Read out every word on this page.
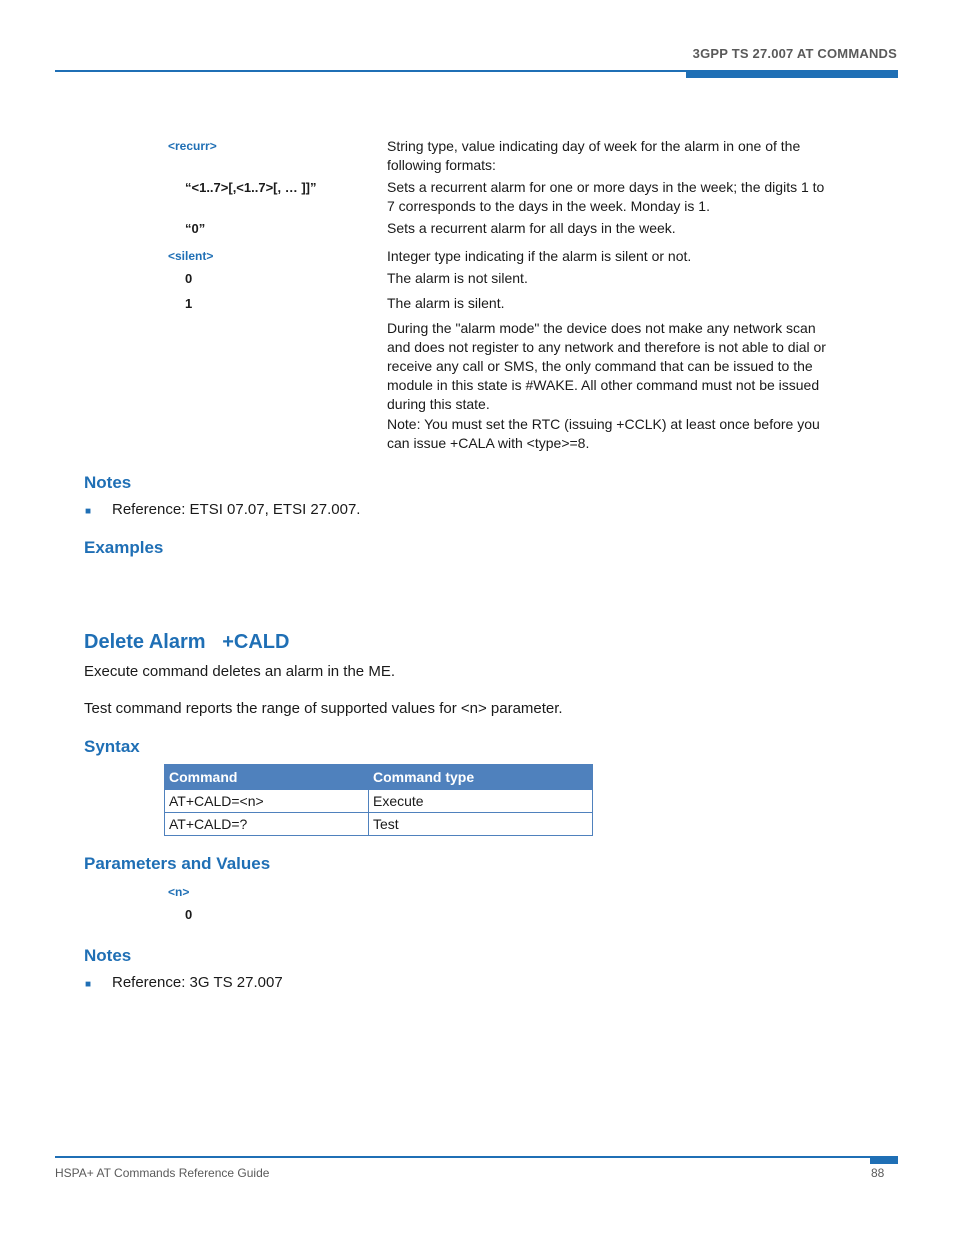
3GPP TS 27.007 AT COMMANDS
<recurr>	String type, value indicating day of week for the alarm in one of the following formats:
“<1..7>[,<1..7>[, … ]]”	Sets a recurrent alarm for one or more days in the week; the digits 1 to 7 corresponds to the days in the week. Monday is 1.
“0”	Sets a recurrent alarm for all days in the week.
<silent>	Integer type indicating if the alarm is silent or not.
0	The alarm is not silent.
1	The alarm is silent.
During the "alarm mode" the device does not make any network scan and does not register to any network and therefore is not able to dial or receive any call or SMS, the only command that can be issued to the module in this state is #WAKE. All other command must not be issued during this state.
Note: You must set the RTC (issuing +CCLK) at least once before you can issue +CALA with <type>=8.
Notes
■ Reference: ETSI 07.07, ETSI 27.007.
Examples
Delete Alarm   +CALD
Execute command deletes an alarm in the ME.
Test command reports the range of supported values for <n> parameter.
Syntax
Command	Command type
AT+CALD=<n>	Execute
AT+CALD=?	Test
Parameters and Values
<n>
0
Notes
■ Reference: 3G TS 27.007
HSPA+ AT Commands Reference Guide	88
